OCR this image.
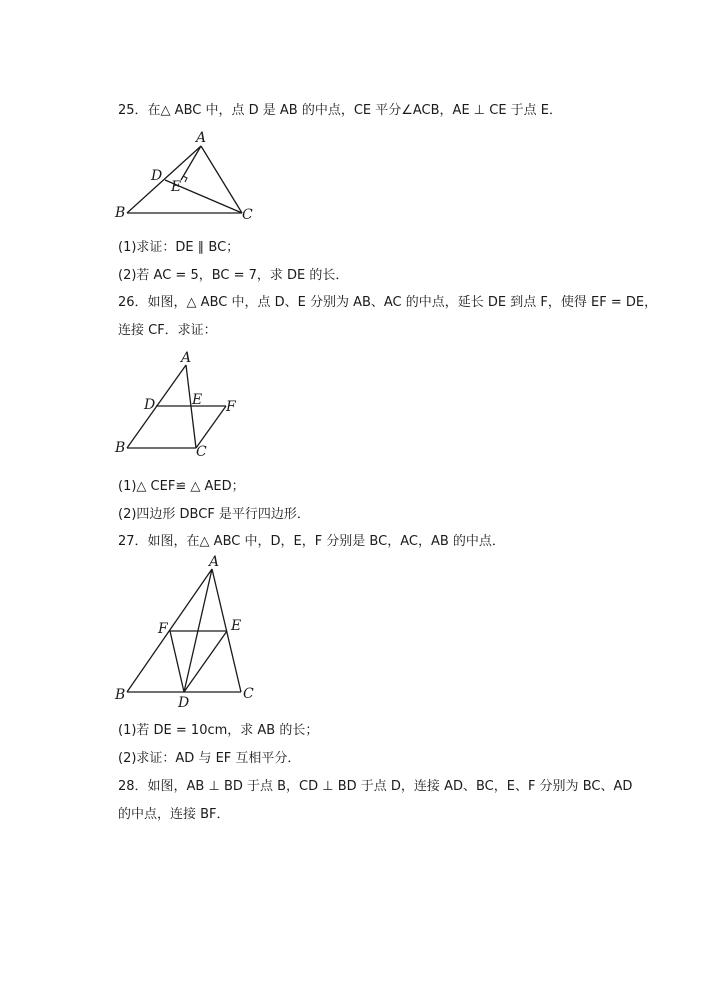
25．在△ ABC 中，点 D 是 AB 的中点，CE 平分∠ACB，AE ⊥ CE 于点 E．
A
B	C
D
E
(1)求证：DE ∥ BC；
(2)若 AC = 5，BC = 7，求 DE 的长．
26．如图，△ ABC 中，点 D、E 分别为 AB、AC 的中点，延长 DE 到点 F，使得 EF = DE，
连接 CF．求证：
A
B	C
D	E F
(1)△ CEF≌ △ AED；
(2)四边形 DBCF 是平行四边形．
27．如图，在△ ABC 中，D，E，F 分别是 BC，AC，AB 的中点．
A
B	C
D
E
F
(1)若 DE = 10cm，求 AB 的长；
(2)求证：AD 与 EF 互相平分．
28．如图，AB ⊥ BD 于点 B，CD ⊥ BD 于点 D，连接 AD、BC，E、F 分别为 BC、AD
的中点，连接 BF．
